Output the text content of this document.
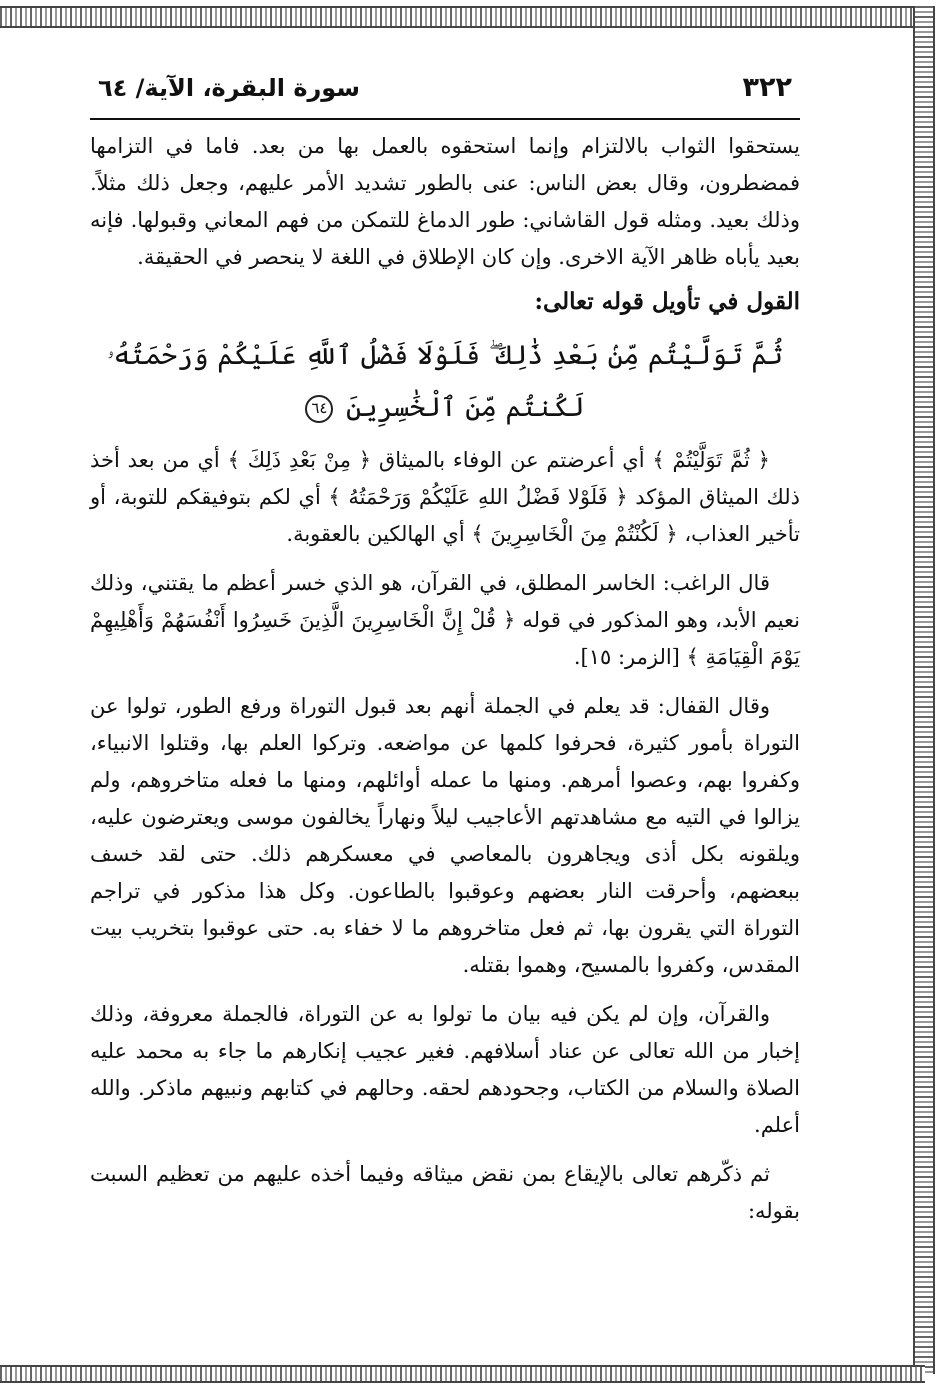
٣٢٢
سورة البقرة، الآية/ ٦٤

يستحقوا الثواب بالالتزام وإنما استحقوه بالعمل بها من بعد. فاما في التزامها فمضطرون، وقال بعض الناس: عنى بالطور تشديد الأمر عليهم، وجعل ذلك مثلاً. وذلك بعيد. ومثله قول القاشاني: طور الدماغ للتمكن من فهم المعاني وقبولها. فإنه بعيد يأباه ظاهر الآية الاخرى. وإن كان الإطلاق في اللغة لا ينحصر في الحقيقة.

القول في تأويل قوله تعالى:

ثُمَّ تَوَلَّيْتُم مِّنۢ بَعْدِ ذَٰلِكَ ۖ فَلَوْلَا فَضْلُ ٱللَّهِ عَلَيْكُمْ وَرَحْمَتُهُۥ لَكُنتُم مِّنَ ٱلْخَٰسِرِينَ ٦٤

﴿ ثُمَّ تَوَلَّيْتُمْ ﴾ أي أعرضتم عن الوفاء بالميثاق ﴿ مِنْ بَعْدِ ذَلِكَ ﴾ أي من بعد أخذ ذلك الميثاق المؤكد ﴿ فَلَوْلا فَضْلُ اللهِ عَلَيْكُمْ وَرَحْمَتُهُ ﴾ أي لكم بتوفيقكم للتوبة، أو تأخير العذاب، ﴿ لَكُنْتُمْ مِنَ الْخَاسِرِينَ ﴾ أي الهالكين بالعقوبة.

قال الراغب: الخاسر المطلق، في القرآن، هو الذي خسر أعظم ما يقتني، وذلك نعيم الأبد، وهو المذكور في قوله ﴿ قُلْ إِنَّ الْخَاسِرِينَ الَّذِينَ خَسِرُوا أَنْفُسَهُمْ وَأَهْلِيهِمْ يَوْمَ الْقِيَامَةِ ﴾ [الزمر: ١٥].

وقال القفال: قد يعلم في الجملة أنهم بعد قبول التوراة ورفع الطور، تولوا عن التوراة بأمور كثيرة، فحرفوا كلمها عن مواضعه. وتركوا العلم بها، وقتلوا الانبياء، وكفروا بهم، وعصوا أمرهم. ومنها ما عمله أوائلهم، ومنها ما فعله متاخروهم، ولم يزالوا في التيه مع مشاهدتهم الأعاجيب ليلاً ونهاراً يخالفون موسى ويعترضون عليه، ويلقونه بكل أذى ويجاهرون بالمعاصي في معسكرهم ذلك. حتى لقد خسف ببعضهم، وأحرقت النار بعضهم وعوقبوا بالطاعون. وكل هذا مذكور في تراجم التوراة التي يقرون بها، ثم فعل متاخروهم ما لا خفاء به. حتى عوقبوا بتخريب بيت المقدس، وكفروا بالمسيح، وهموا بقتله.

والقرآن، وإن لم يكن فيه بيان ما تولوا به عن التوراة، فالجملة معروفة، وذلك إخبار من الله تعالى عن عناد أسلافهم. فغير عجيب إنكارهم ما جاء به محمد عليه الصلاة والسلام من الكتاب، وجحودهم لحقه. وحالهم في كتابهم ونبيهم ماذكر. والله أعلم.

ثم ذكّرهم تعالى بالإيقاع بمن نقض ميثاقه وفيما أخذه عليهم من تعظيم السبت بقوله:
